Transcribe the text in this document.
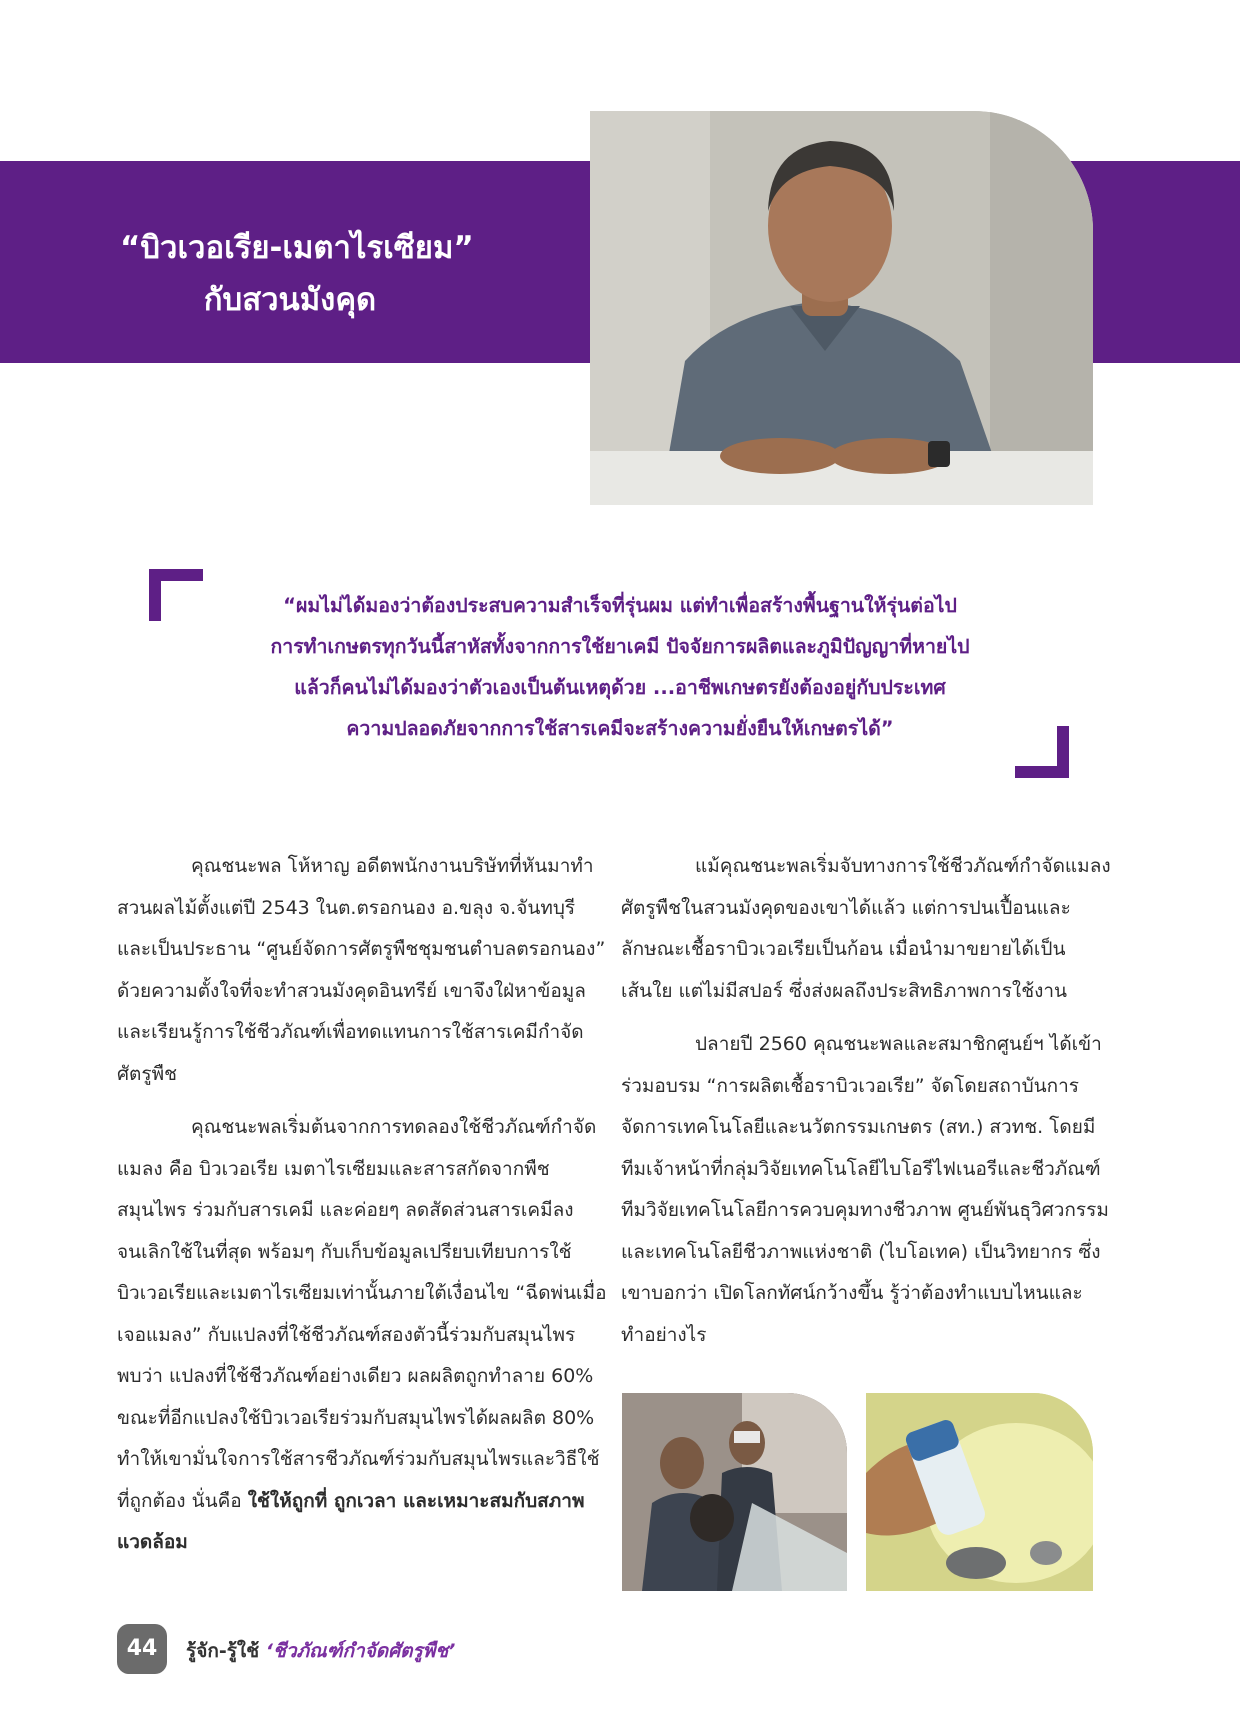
“บิวเวอเรีย-เมตาไรเซียม”
กับสวนมังคุด
“ผมไม่ได้มองว่าต้องประสบความสำเร็จที่รุ่นผม แต่ทำเพื่อสร้างพื้นฐานให้รุ่นต่อไป
การทำเกษตรทุกวันนี้สาหัสทั้งจากการใช้ยาเคมี ปัจจัยการผลิตและภูมิปัญญาที่หายไป
แล้วก็คนไม่ได้มองว่าตัวเองเป็นต้นเหตุด้วย ...อาชีพเกษตรยังต้องอยู่กับประเทศ
ความปลอดภัยจากการใช้สารเคมีจะสร้างความยั่งยืนให้เกษตรได้”

คุณชนะพล โห้หาญ อดีตพนักงานบริษัทที่หันมาทำ
สวนผลไม้ตั้งแต่ปี 2543 ในต.ตรอกนอง อ.ขลุง จ.จันทบุรี
และเป็นประธาน “ศูนย์จัดการศัตรูพืชชุมชนตำบลตรอกนอง”
ด้วยความตั้งใจที่จะทำสวนมังคุดอินทรีย์ เขาจึงใฝ่หาข้อมูล
และเรียนรู้การใช้ชีวภัณฑ์เพื่อทดแทนการใช้สารเคมีกำจัด
ศัตรูพืช

คุณชนะพลเริ่มต้นจากการทดลองใช้ชีวภัณฑ์กำจัด
แมลง คือ บิวเวอเรีย เมตาไรเซียมและสารสกัดจากพืช
สมุนไพร ร่วมกับสารเคมี และค่อยๆ ลดสัดส่วนสารเคมีลง
จนเลิกใช้ในที่สุด พร้อมๆ กับเก็บข้อมูลเปรียบเทียบการใช้
บิวเวอเรียและเมตาไรเซียมเท่านั้นภายใต้เงื่อนไข “ฉีดพ่นเมื่อ
เจอแมลง” กับแปลงที่ใช้ชีวภัณฑ์สองตัวนี้ร่วมกับสมุนไพร
พบว่า แปลงที่ใช้ชีวภัณฑ์อย่างเดียว ผลผลิตถูกทำลาย 60%
ขณะที่อีกแปลงใช้บิวเวอเรียร่วมกับสมุนไพรได้ผลผลิต 80%
ทำให้เขามั่นใจการใช้สารชีวภัณฑ์ร่วมกับสมุนไพรและวิธีใช้
ที่ถูกต้อง นั่นคือ ใช้ให้ถูกที่ ถูกเวลา และเหมาะสมกับสภาพ
แวดล้อม

แม้คุณชนะพลเริ่มจับทางการใช้ชีวภัณฑ์กำจัดแมลง
ศัตรูพืชในสวนมังคุดของเขาได้แล้ว แต่การปนเปื้อนและ
ลักษณะเชื้อราบิวเวอเรียเป็นก้อน เมื่อนำมาขยายได้เป็น
เส้นใย แต่ไม่มีสปอร์ ซึ่งส่งผลถึงประสิทธิภาพการใช้งาน

ปลายปี 2560 คุณชนะพลและสมาชิกศูนย์ฯ ได้เข้า
ร่วมอบรม “การผลิตเชื้อราบิวเวอเรีย” จัดโดยสถาบันการ
จัดการเทคโนโลยีและนวัตกรรมเกษตร (สท.) สวทช. โดยมี
ทีมเจ้าหน้าที่กลุ่มวิจัยเทคโนโลยีไบโอรีไฟเนอรีและชีวภัณฑ์
ทีมวิจัยเทคโนโลยีการควบคุมทางชีวภาพ ศูนย์พันธุวิศวกรรม
และเทคโนโลยีชีวภาพแห่งชาติ (ไบโอเทค) เป็นวิทยากร ซึ่ง
เขาบอกว่า เปิดโลกทัศน์กว้างขึ้น รู้ว่าต้องทำแบบไหนและ
ทำอย่างไร

44	รู้จัก-รู้ใช้ ‘ชีวภัณฑ์กำจัดศัตรูพืช’
